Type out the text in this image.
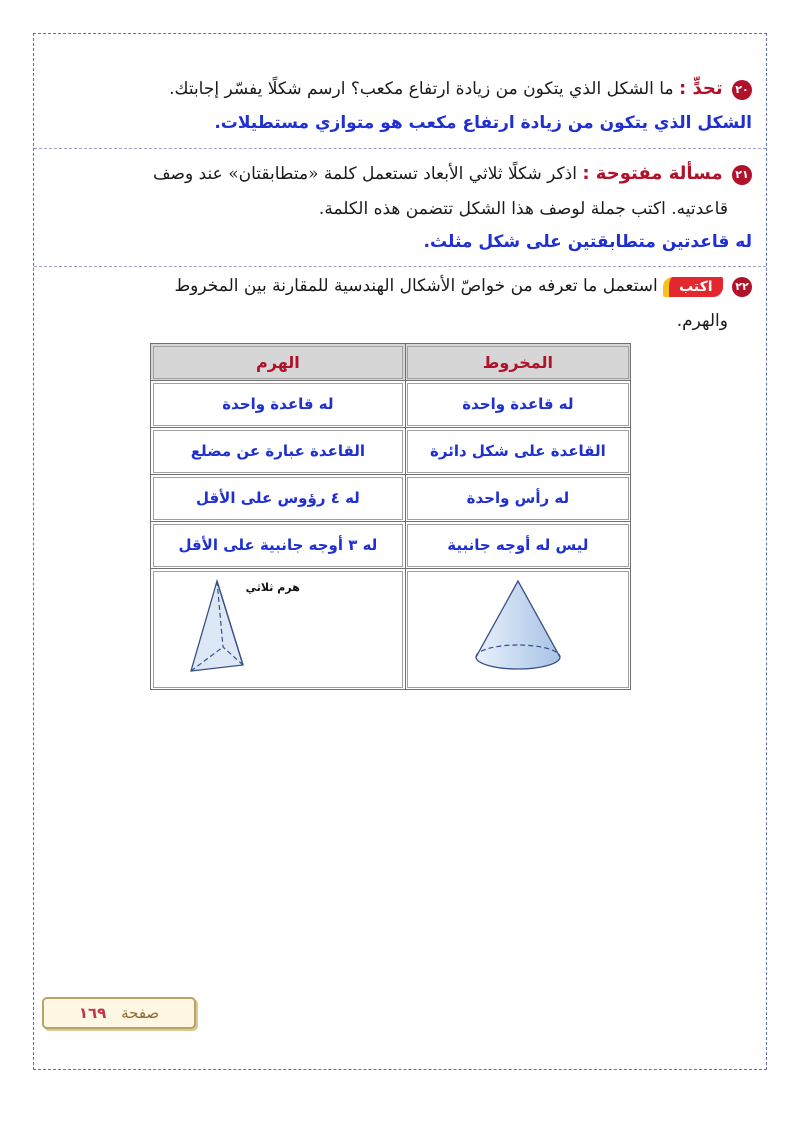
٢٠ تحدٍّ : ما الشكل الذي يتكون من زيادة ارتفاع مكعب؟ ارسم شكلًا يفسّر إجابتك.
الشكل الذي يتكون من زيادة ارتفاع مكعب هو متوازي مستطيلات.
٢١ مسألة مفتوحة : اذكر شكلًا ثلاثي الأبعاد تستعمل كلمة «متطابقتان» عند وصف
قاعدتيه. اكتب جملة لوصف هذا الشكل تتضمن هذه الكلمة.
له قاعدتين متطابقتين على شكل مثلث.
٢٢ اكتب استعمل ما تعرفه من خواصّ الأشكال الهندسية للمقارنة بين المخروط
والهرم.
المخروط	الهرم
له قاعدة واحدة	له قاعدة واحدة
القاعدة على شكل دائرة	القاعدة عبارة عن مضلع
له رأس واحدة	له ٤ رؤوس على الأقل
ليس له أوجه جانبية	له ٣ أوجه جانبية على الأقل

هرم ثلاثي
صفحة ١٦٩
